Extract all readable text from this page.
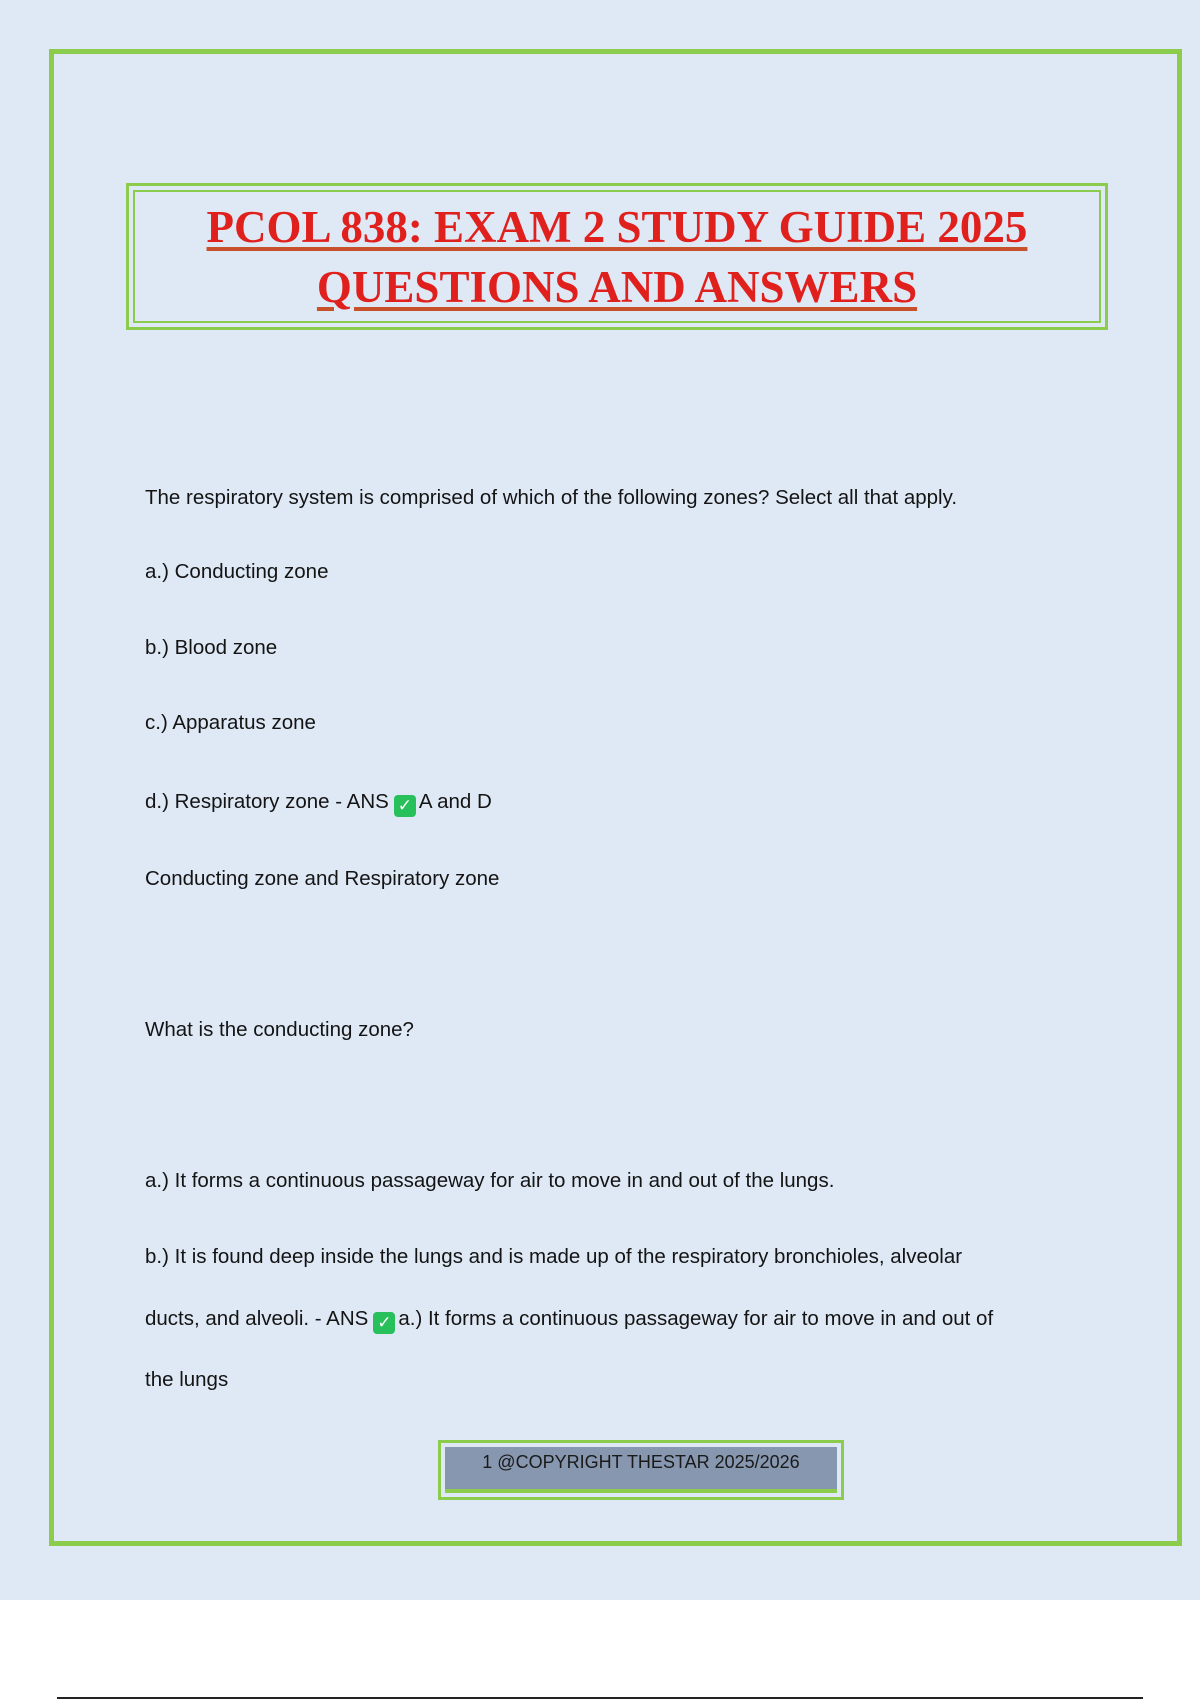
PCOL 838: EXAM 2 STUDY GUIDE 2025
QUESTIONS AND ANSWERS
The respiratory system is comprised of which of the following zones? Select all that apply.
a.) Conducting zone
b.) Blood zone
c.) Apparatus zone
d.) Respiratory zone - ANS ✓ A and D
Conducting zone and Respiratory zone
What is the conducting zone?
a.) It forms a continuous passageway for air to move in and out of the lungs.
b.) It is found deep inside the lungs and is made up of the respiratory bronchioles, alveolar
ducts, and alveoli. - ANS ✓ a.) It forms a continuous passageway for air to move in and out of
the lungs
1 @COPYRIGHT THESTAR 2025/2026
